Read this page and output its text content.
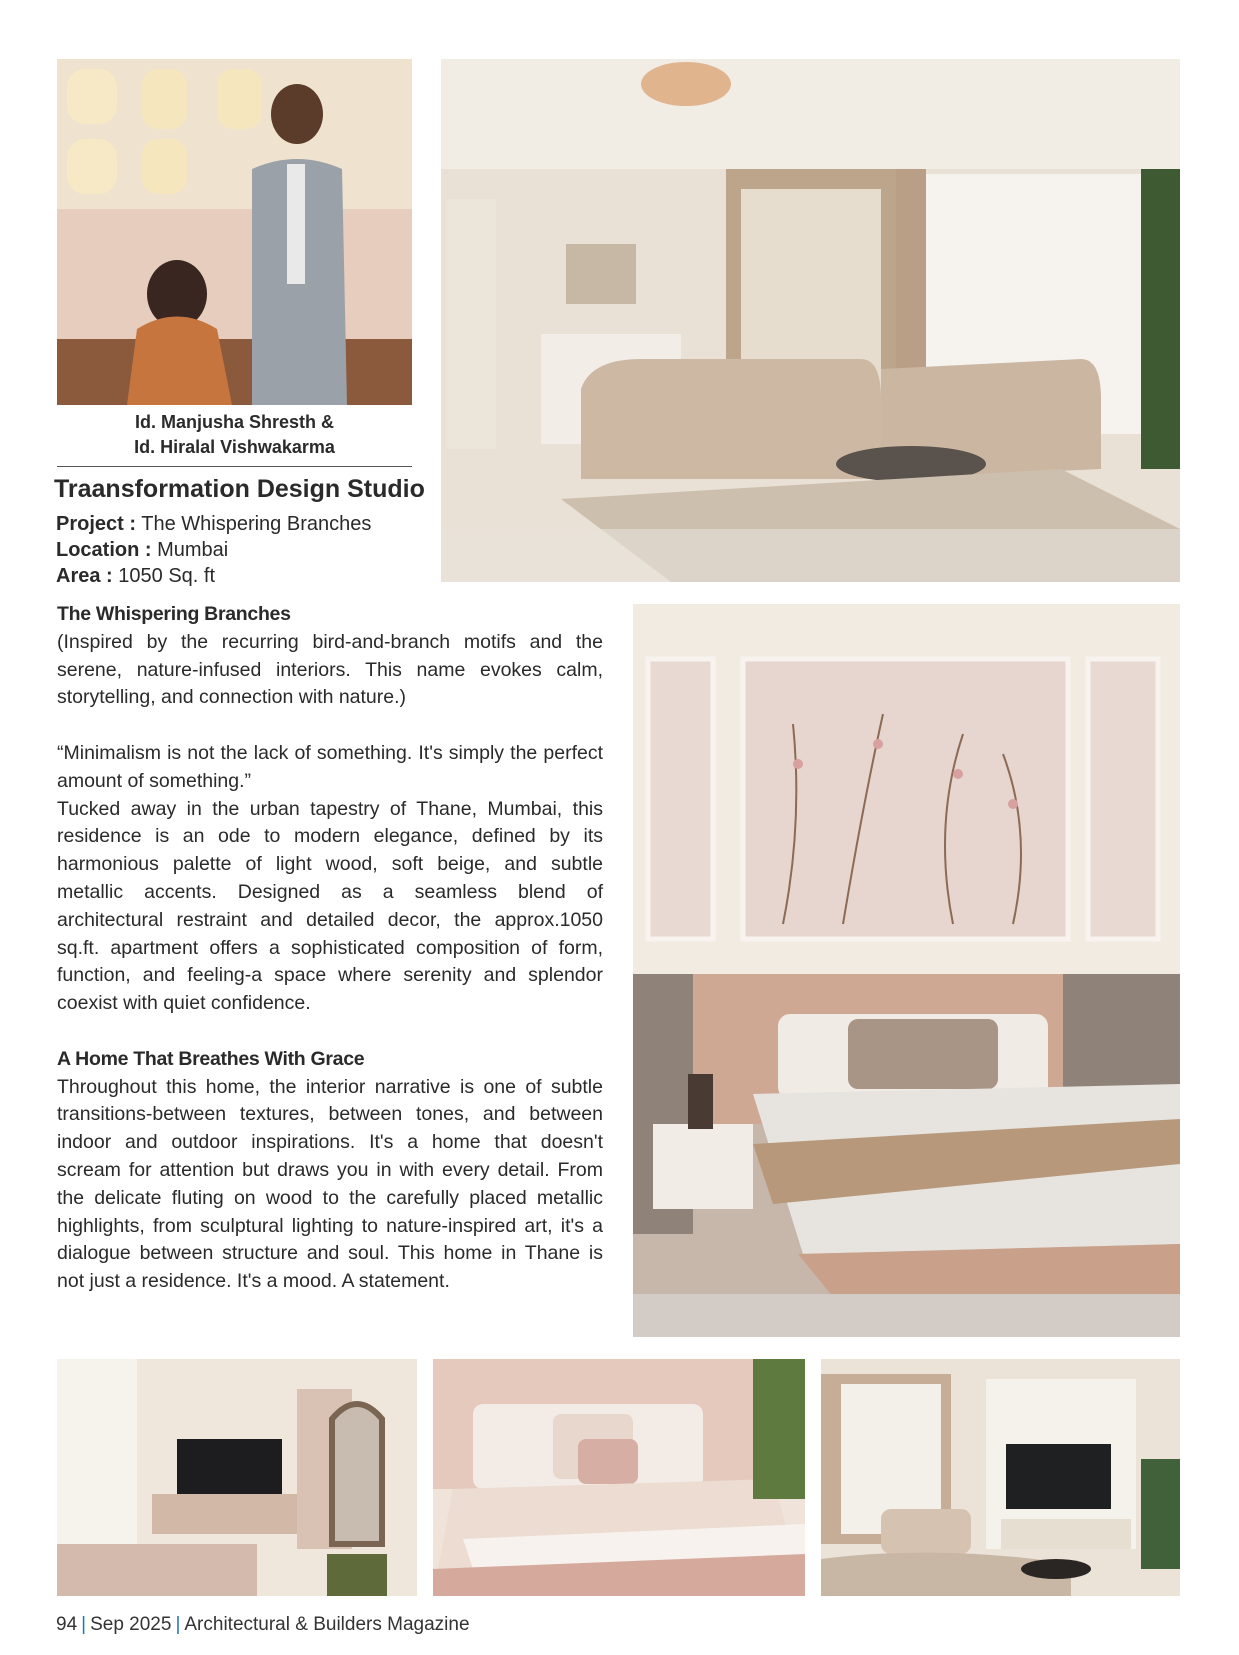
Id. Manjusha Shresth &
Id. Hiralal Vishwakarma
Traansformation Design Studio
Project : The Whispering Branches
Location : Mumbai
Area : 1050 Sq. ft

The Whispering Branches

(Inspired by the recurring bird-and-branch motifs and the serene, nature-infused interiors. This name evokes calm, storytelling, and connection with nature.)

“Minimalism is not the lack of something. It's simply the perfect amount of something.”

Tucked away in the urban tapestry of Thane, Mumbai, this residence is an ode to modern elegance, defined by its harmonious palette of light wood, soft beige, and subtle metallic accents. Designed as a seamless blend of architectural restraint and detailed decor, the approx.1050 sq.ft. apartment offers a sophisticated composition of form, function, and feeling-a space where serenity and splendor coexist with quiet confidence.

A Home That Breathes With Grace

Throughout this home, the interior narrative is one of subtle transitions-between textures, between tones, and between indoor and outdoor inspirations. It's a home that doesn't scream for attention but draws you in with every detail. From the delicate fluting on wood to the carefully placed metallic highlights, from sculptural lighting to nature-inspired art, it's a dialogue between structure and soul. This home in Thane is not just a residence. It's a mood. A statement.

94 | Sep 2025 | Architectural & Builders Magazine
